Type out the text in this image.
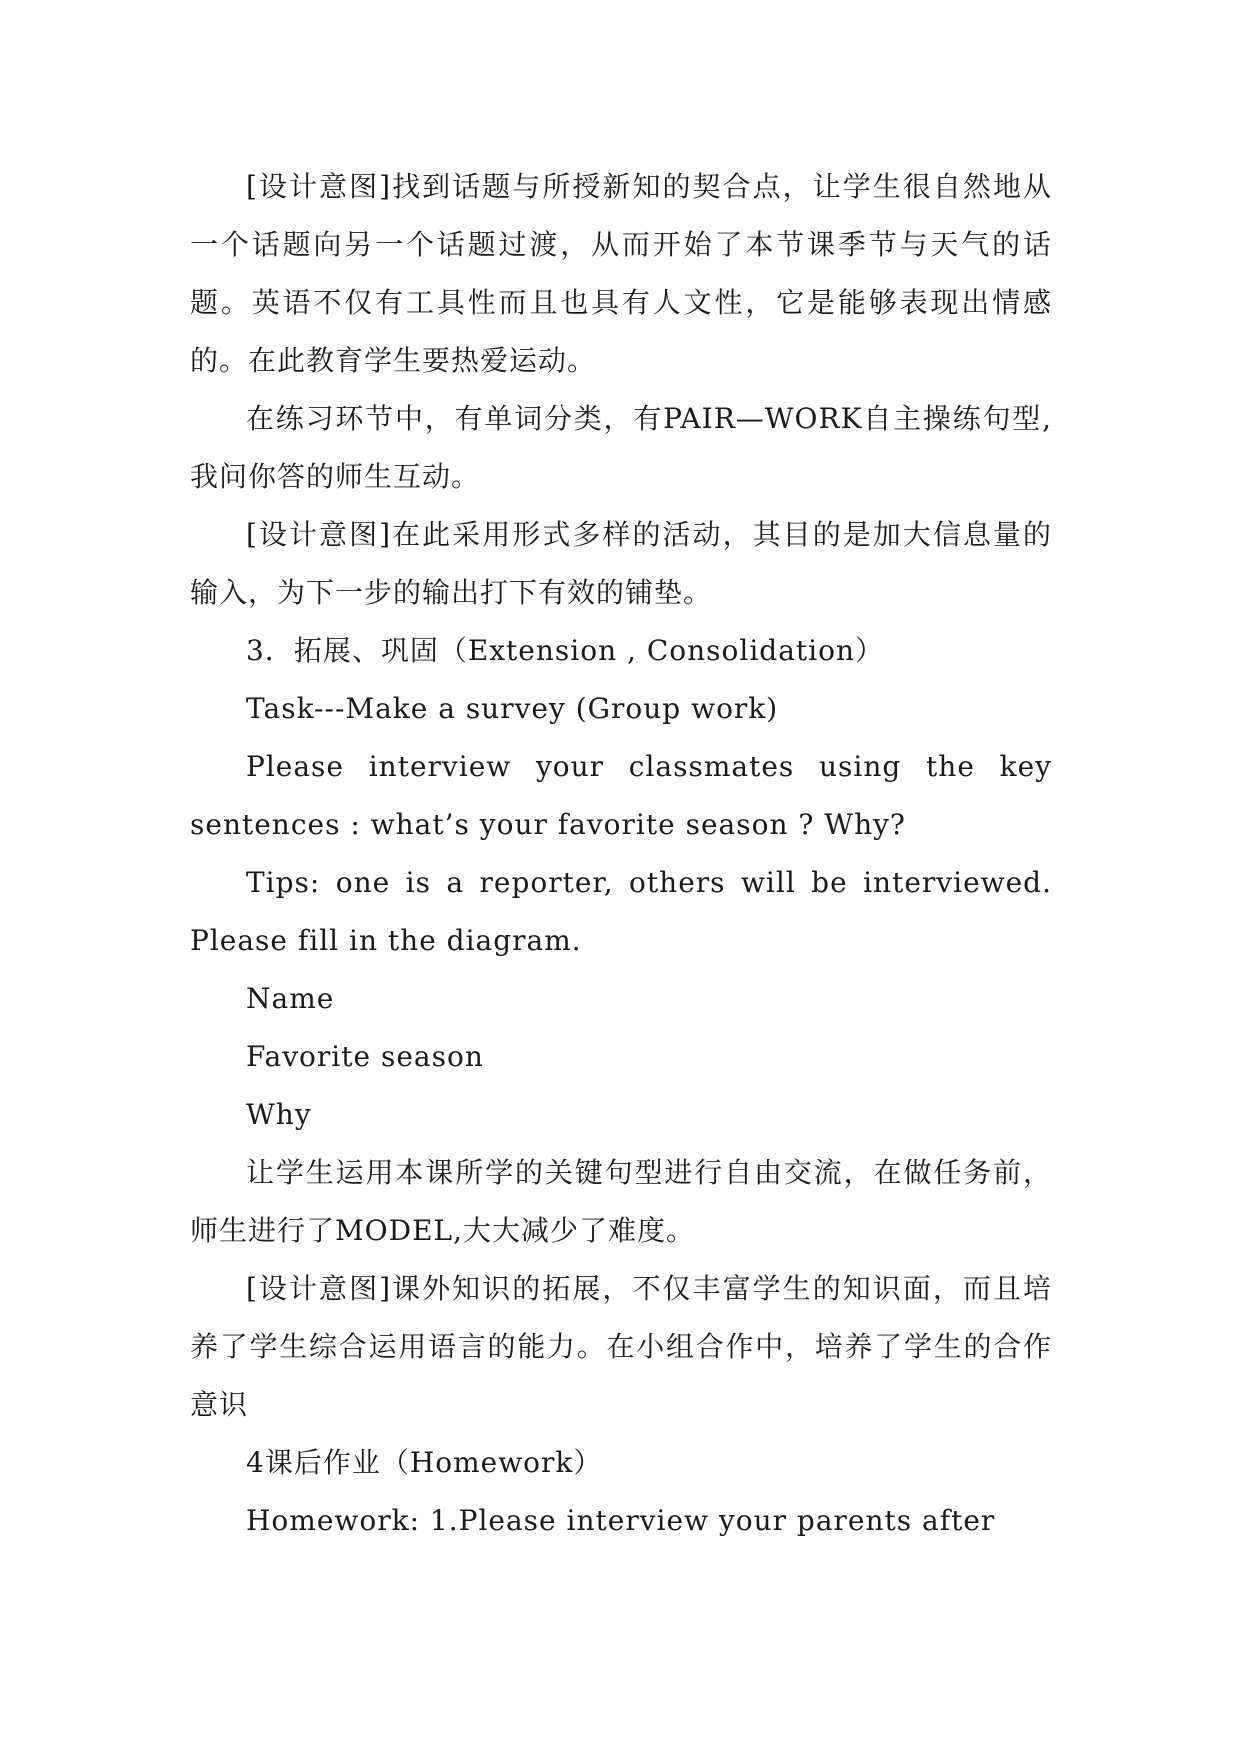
[设计意图]找到话题与所授新知的契合点，让学生很自然地从一个话题向另一个话题过渡，从而开始了本节课季节与天气的话题。英语不仅有工具性而且也具有人文性，它是能够表现出情感的。在此教育学生要热爱运动。

在练习环节中，有单词分类，有PAIR—WORK自主操练句型,我问你答的师生互动。

[设计意图]在此采用形式多样的活动，其目的是加大信息量的输入，为下一步的输出打下有效的铺垫。

3．拓展、巩固（Extension , Consolidation）

Task---Make a survey (Group work)

Please interview your classmates using the key sentences : what’s your favorite season ? Why?

Tips: one is a reporter, others will be interviewed. Please fill in the diagram.

Name

Favorite season

Why

让学生运用本课所学的关键句型进行自由交流，在做任务前，师生进行了MODEL,大大减少了难度。

[设计意图]课外知识的拓展，不仅丰富学生的知识面，而且培养了学生综合运用语言的能力。在小组合作中，培养了学生的合作意识

4课后作业（Homework）

Homework: 1.Please interview your parents after
